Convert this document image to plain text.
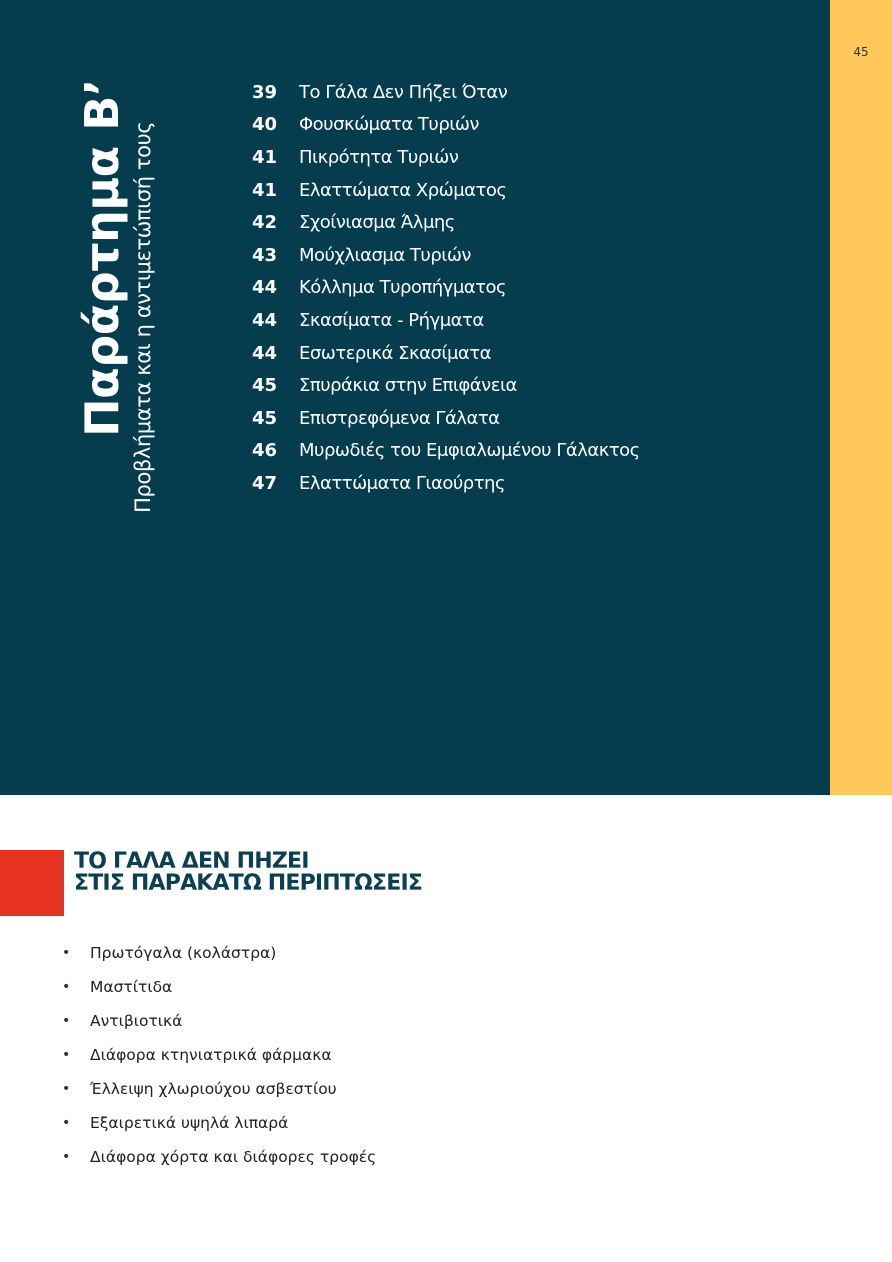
45
Παράρτημα Β’ Προβλήματα και η αντιμετώπισή τους
39 Το Γάλα Δεν Πήζει Όταν
40 Φουσκώματα Τυριών
41 Πικρότητα Τυριών
41 Ελαττώματα Χρώματος
42 Σχοίνιασμα Άλμης
43 Μούχλιασμα Τυριών
44 Κόλλημα Τυροπήγματος
44 Σκασίματα - Ρήγματα
44 Εσωτερικά Σκασίματα
45 Σπυράκια στην Επιφάνεια
45 Επιστρεφόμενα Γάλατα
46 Μυρωδιές του Εμφιαλωμένου Γάλακτος
47 Ελαττώματα Γιαούρτης
ΤΟ ΓΑΛΑ ΔΕΝ ΠΗΖΕΙ
ΣΤΙΣ ΠΑΡΑΚΑΤΩ ΠΕΡΙΠΤΩΣΕΙΣ
•	Πρωτόγαλα (κολάστρα)
•	Μαστίτιδα
•	Αντιβιοτικά
•	Διάφορα κτηνιατρικά φάρμακα
•	Έλλειψη χλωριούχου ασβεστίου
•	Εξαιρετικά υψηλά λιπαρά
•	Διάφορα χόρτα και διάφορες τροφές
